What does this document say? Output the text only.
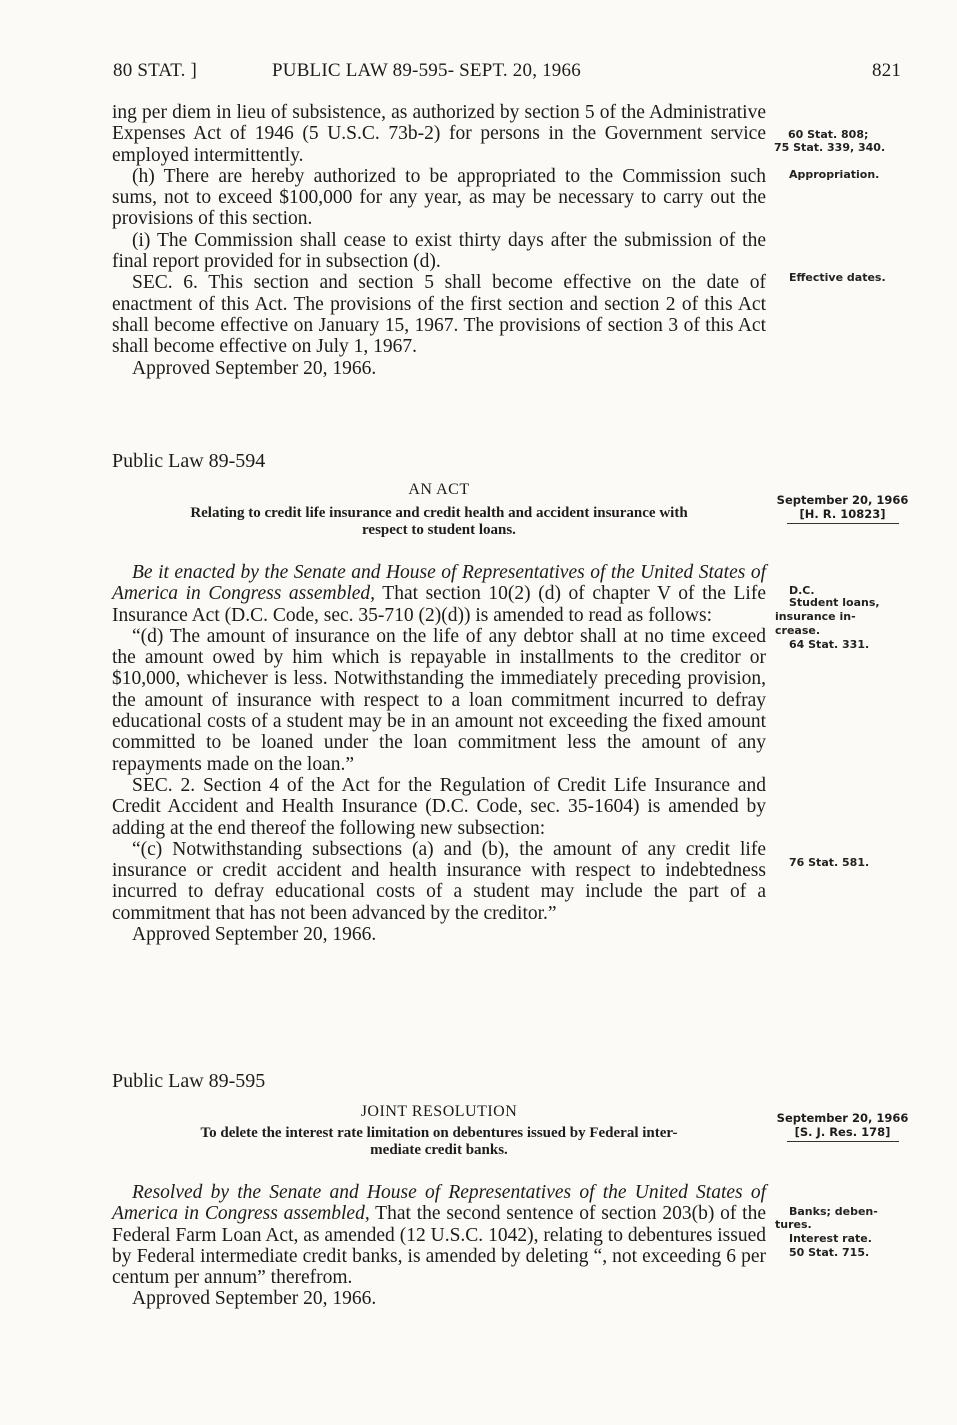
80 STAT. ]	PUBLIC LAW 89-595- SEPT. 20, 1966	821

ing per diem in lieu of subsistence, as authorized by section 5 of the Administrative Expenses Act of 1946 (5 U.S.C. 73b-2) for persons in the Government service employed intermittently.

(h) There are hereby authorized to be appropriated to the Commission such sums, not to exceed $100,000 for any year, as may be necessary to carry out the provisions of this section.

(i) The Commission shall cease to exist thirty days after the submission of the final report provided for in subsection (d).

SEC. 6. This section and section 5 shall become effective on the date of enactment of this Act. The provisions of the first section and section 2 of this Act shall become effective on January 15, 1967. The provisions of section 3 of this Act shall become effective on July 1, 1967.

Approved September 20, 1966.

Public Law 89-594
AN ACT
Relating to credit life insurance and credit health and accident insurance with
respect to student loans.

Be it enacted by the Senate and House of Representatives of the United States of America in Congress assembled, That section 10(2) (d) of chapter V of the Life Insurance Act (D.C. Code, sec. 35-710 (2)(d)) is amended to read as follows:

“(d) The amount of insurance on the life of any debtor shall at no time exceed the amount owed by him which is repayable in installments to the creditor or $10,000, whichever is less. Notwithstanding the immediately preceding provision, the amount of insurance with respect to a loan commitment incurred to defray educational costs of a student may be in an amount not exceeding the fixed amount committed to be loaned under the loan commitment less the amount of any repayments made on the loan.”

SEC. 2. Section 4 of the Act for the Regulation of Credit Life Insurance and Credit Accident and Health Insurance (D.C. Code, sec. 35-1604) is amended by adding at the end thereof the following new subsection:

“(c) Notwithstanding subsections (a) and (b), the amount of any credit life insurance or credit accident and health insurance with respect to indebtedness incurred to defray educational costs of a student may include the part of a commitment that has not been advanced by the creditor.”

Approved September 20, 1966.

Public Law 89-595
JOINT RESOLUTION
To delete the interest rate limitation on debentures issued by Federal inter-
mediate credit banks.

Resolved by the Senate and House of Representatives of the United States of America in Congress assembled, That the second sentence of section 203(b) of the Federal Farm Loan Act, as amended (12 U.S.C. 1042), relating to debentures issued by Federal intermediate credit banks, is amended by deleting “, not exceeding 6 per centum per annum” therefrom.

Approved September 20, 1966.

60 Stat. 808;
75 Stat. 339, 340.
Appropriation.
Effective dates.
September 20, 1966
[H. R. 10823]
D.C.
Student loans,
insurance in-
crease.
64 Stat. 331.
76 Stat. 581.
September 20, 1966
[S. J. Res. 178]
Banks; deben-
tures.
Interest rate.
50 Stat. 715.
